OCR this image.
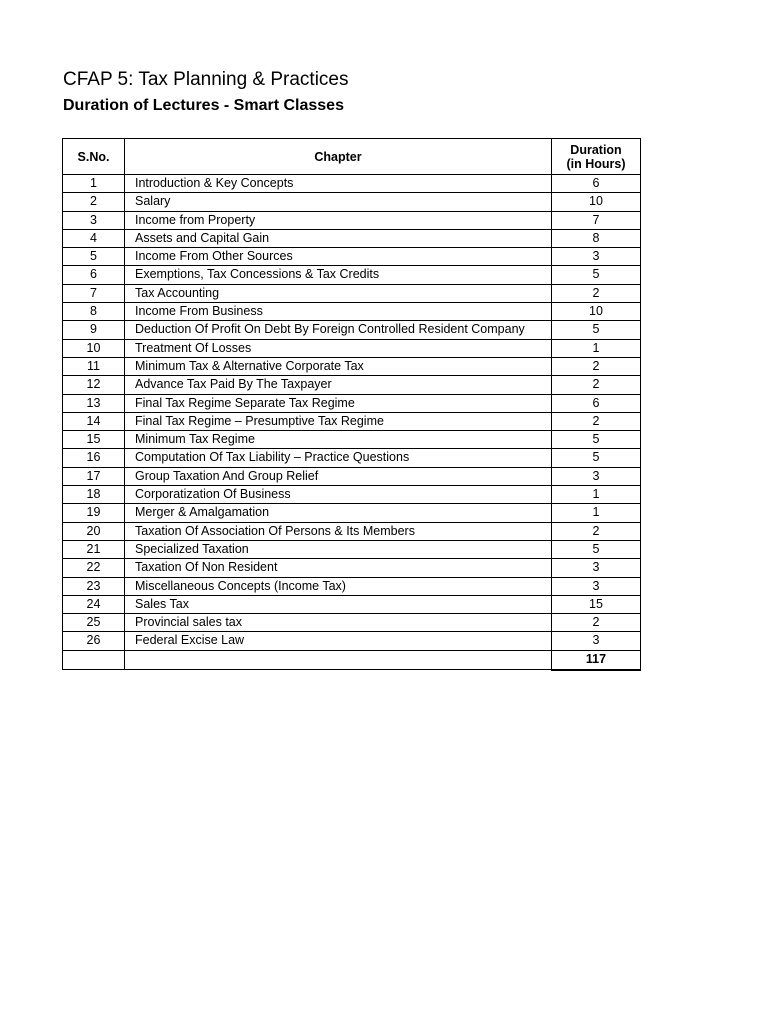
CFAP 5: Tax Planning & Practices
Duration of Lectures - Smart Classes
S.No.	Chapter	Duration
(in Hours)

1	Introduction & Key Concepts	6
2	Salary	10
3	Income from Property	7
4	Assets and Capital Gain	8
5	Income From Other Sources	3
6	Exemptions, Tax Concessions & Tax Credits	5
7	Tax Accounting	2
8	Income From Business	10
9	Deduction Of Profit On Debt By Foreign Controlled Resident Company	5
10	Treatment Of Losses	1
11	Minimum Tax & Alternative Corporate Tax	2
12	Advance Tax Paid By The Taxpayer	2
13	Final Tax Regime Separate Tax Regime	6
14	Final Tax Regime – Presumptive Tax Regime	2
15	Minimum Tax Regime	5
16	Computation Of Tax Liability – Practice Questions	5
17	Group Taxation And Group Relief	3
18	Corporatization Of Business	1
19	Merger & Amalgamation	1
20	Taxation Of Association Of Persons & Its Members	2
21	Specialized Taxation	5
22	Taxation Of Non Resident	3
23	Miscellaneous Concepts (Income Tax)	3
24	Sales Tax	15
25	Provincial sales tax	2
26	Federal Excise Law	3
		117
